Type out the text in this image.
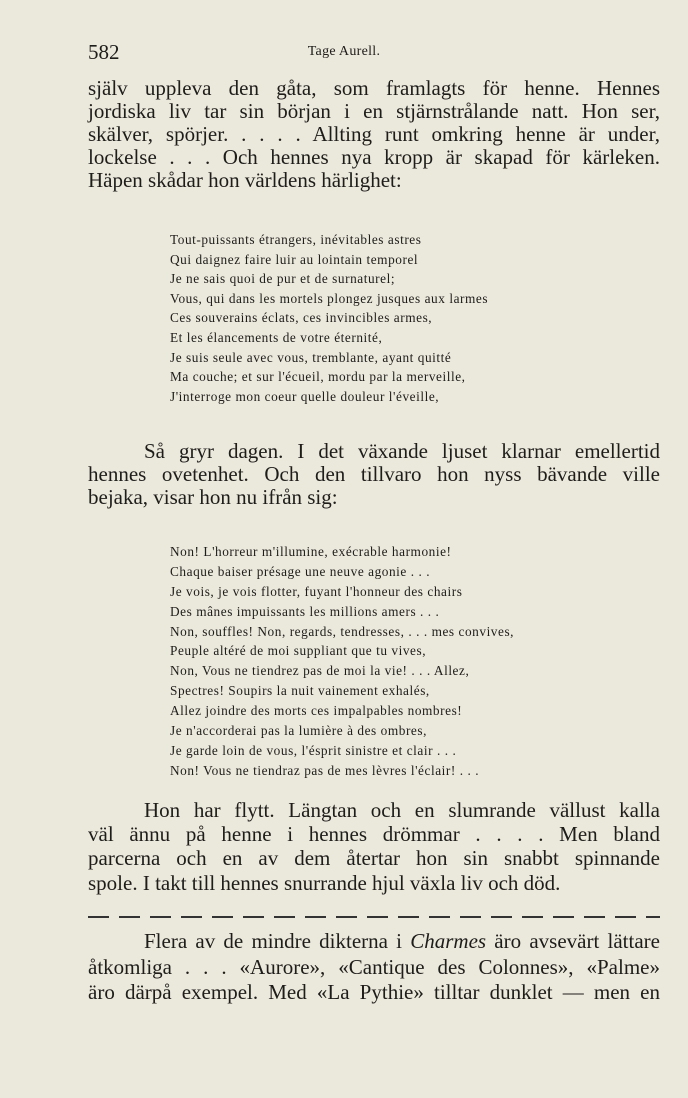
582	Tage Aurell.
själv uppleva den gåta, som framlagts för henne. Hennes
jordiska liv tar sin början i en stjärnstrålande natt. Hon ser,
skälver, spörjer. . . . . Allting runt omkring henne är under,
lockelse . . . Och hennes nya kropp är skapad för kärleken.
Häpen skådar hon världens härlighet:
Tout-puissants étrangers, inévitables astres
Qui daignez faire luir au lointain temporel
Je ne sais quoi de pur et de surnaturel;
Vous, qui dans les mortels plongez jusques aux larmes
Ces souverains éclats, ces invincibles armes,
Et les élancements de votre éternité,
Je suis seule avec vous, tremblante, ayant quitté
Ma couche; et sur l'écueil, mordu par la merveille,
J'interroge mon coeur quelle douleur l'éveille,
Så gryr dagen. I det växande ljuset klarnar emellertid
hennes ovetenhet. Och den tillvaro hon nyss bävande ville
bejaka, visar hon nu ifrån sig:
Non! L'horreur m'illumine, exécrable harmonie!
Chaque baiser présage une neuve agonie . . .
Je vois, je vois flotter, fuyant l'honneur des chairs
Des mânes impuissants les millions amers . . .
Non, souffles! Non, regards, tendresses, . . . mes convives,
Peuple altéré de moi suppliant que tu vives,
Non, Vous ne tiendrez pas de moi la vie! . . . Allez,
Spectres! Soupirs la nuit vainement exhalés,
Allez joindre des morts ces impalpables nombres!
Je n'accorderai pas la lumière à des ombres,
Je garde loin de vous, l'ésprit sinistre et clair . . .
Non! Vous ne tiendraz pas de mes lèvres l'éclair! . . .
Hon har flytt. Längtan och en slumrande vällust kalla
väl ännu på henne i hennes drömmar . . . . Men bland
parcerna och en av dem återtar hon sin snabbt spinnande
spole. I takt till hennes snurrande hjul växla liv och död.
Flera av de mindre dikterna i Charmes äro avsevärt lättare
åtkomliga . . . «Aurore», «Cantique des Colonnes», «Palme»
äro därpå exempel. Med «La Pythie» tilltar dunklet — men en
